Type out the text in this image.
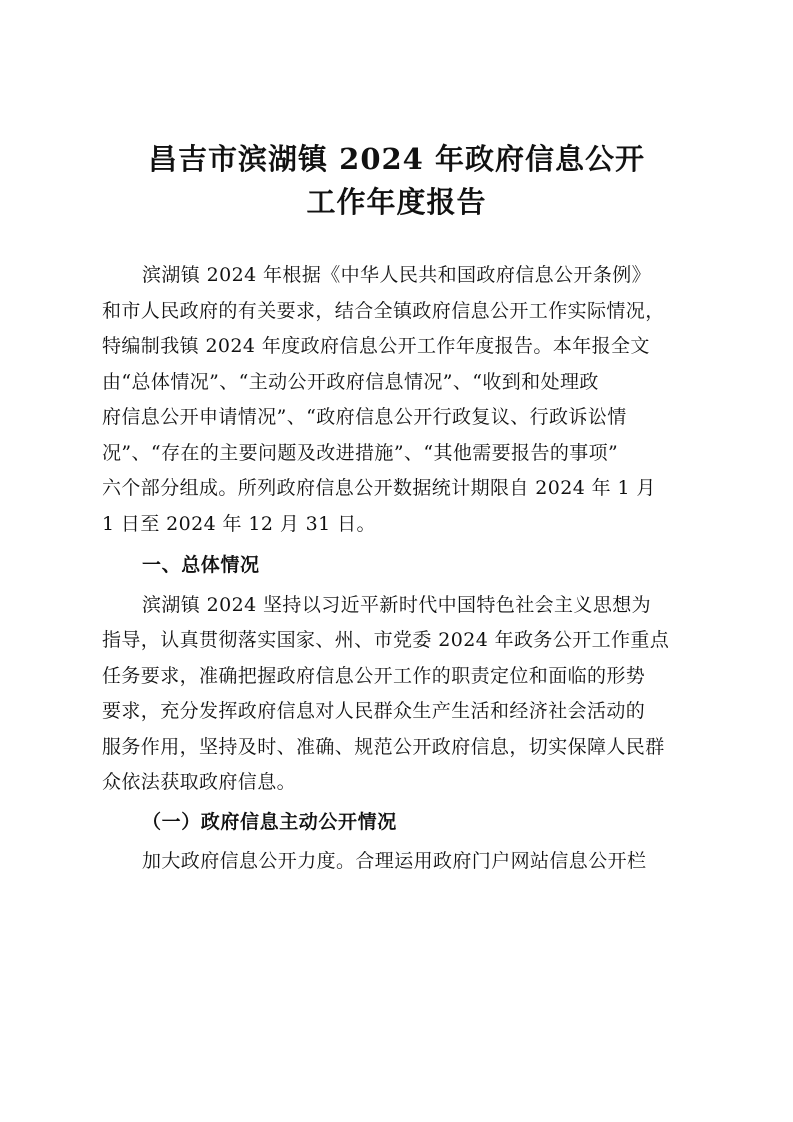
昌吉市滨湖镇 2024 年政府信息公开
工作年度报告

滨湖镇 2024 年根据《中华人民共和国政府信息公开条例》
和市人民政府的有关要求，结合全镇政府信息公开工作实际情况，
特编制我镇 2024 年度政府信息公开工作年度报告。本年报全文
由“总体情况”、“主动公开政府信息情况”、“收到和处理政
府信息公开申请情况”、“政府信息公开行政复议、行政诉讼情
况”、“存在的主要问题及改进措施”、“其他需要报告的事项”
六个部分组成。所列政府信息公开数据统计期限自 2024 年 1 月
1 日至 2024 年 12 月 31 日。

一、总体情况

滨湖镇 2024 坚持以习近平新时代中国特色社会主义思想为
指导，认真贯彻落实国家、州、市党委 2024 年政务公开工作重点
任务要求，准确把握政府信息公开工作的职责定位和面临的形势
要求，充分发挥政府信息对人民群众生产生活和经济社会活动的
服务作用，坚持及时、准确、规范公开政府信息，切实保障人民群
众依法获取政府信息。

（一）政府信息主动公开情况

加大政府信息公开力度。合理运用政府门户网站信息公开栏
